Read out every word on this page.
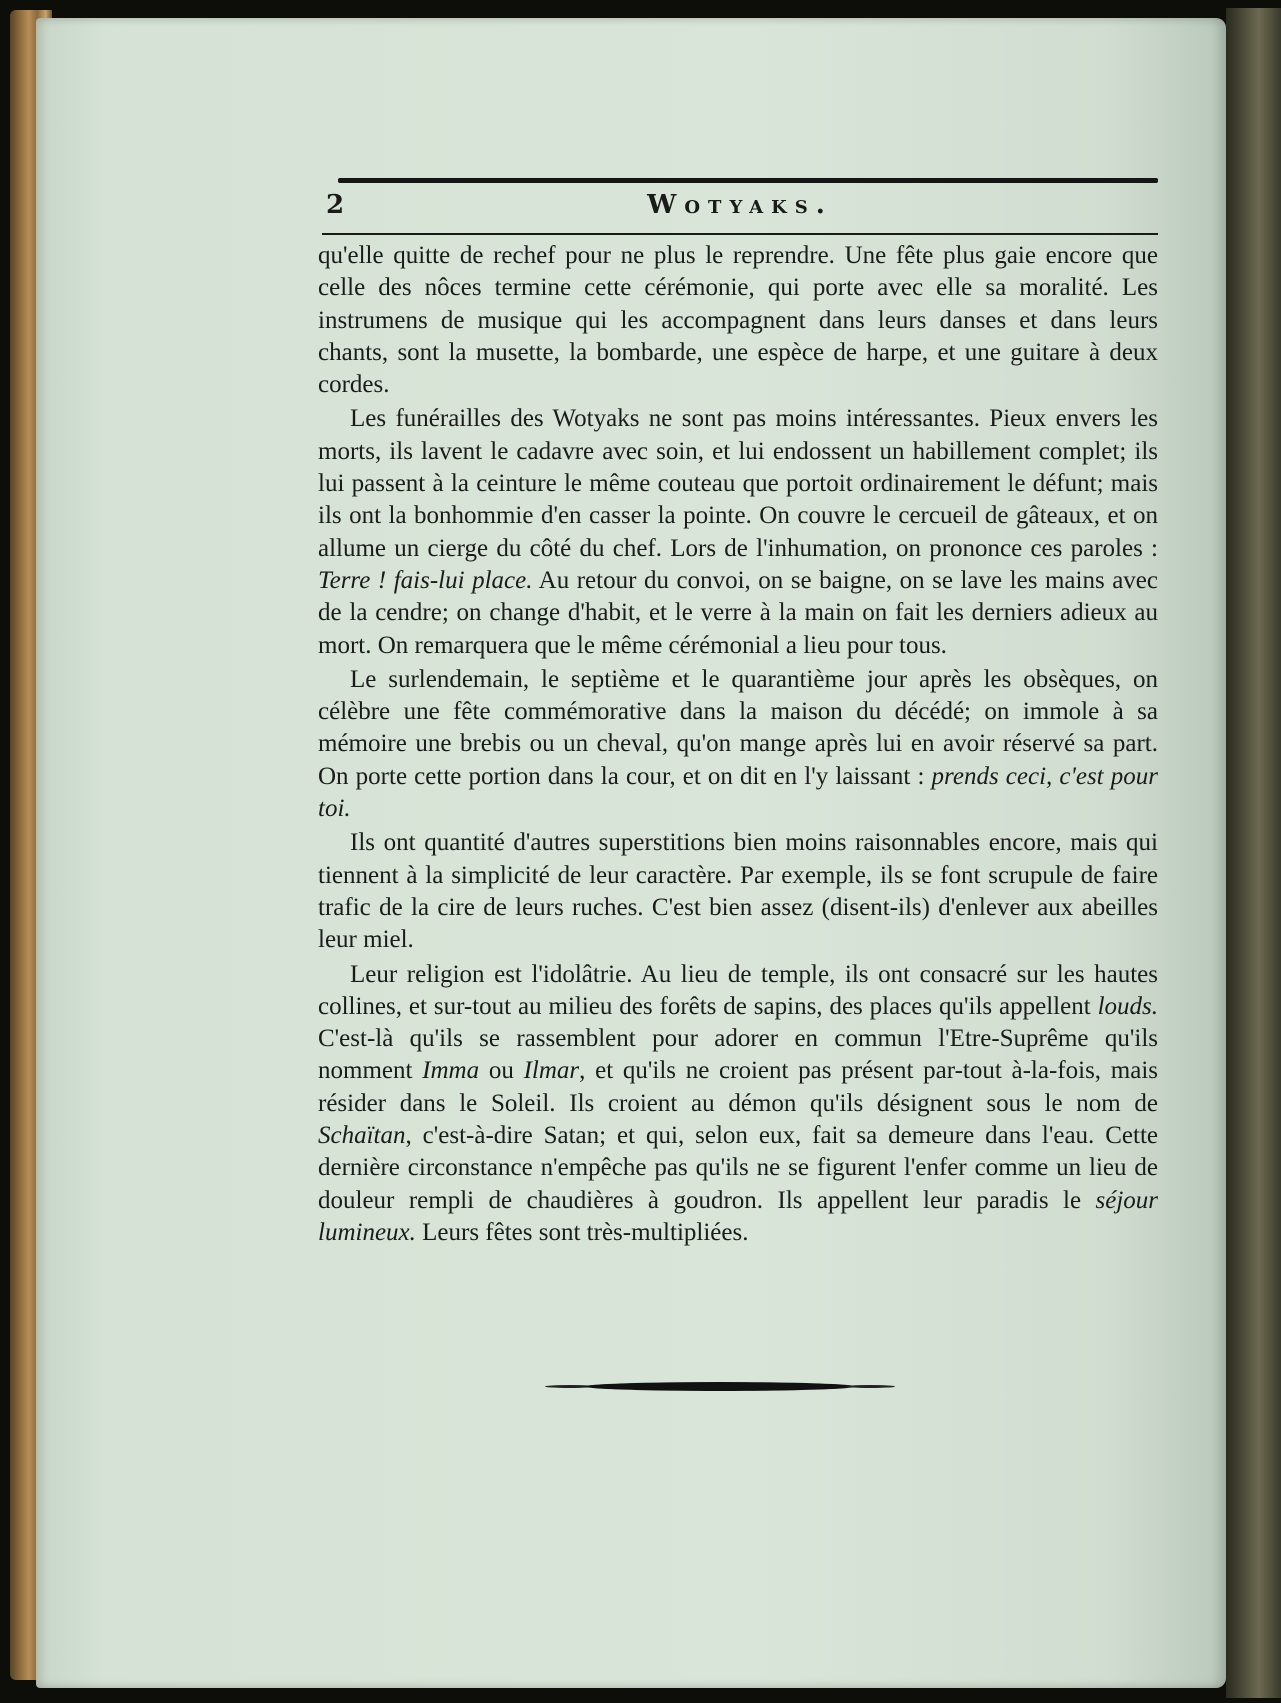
2	Wotyaks.

qu'elle quitte de rechef pour ne plus le reprendre. Une fête plus gaie encore que celle des nôces termine cette cérémonie, qui porte avec elle sa moralité. Les instrumens de musique qui les accompagnent dans leurs danses et dans leurs chants, sont la musette, la bombarde, une espèce de harpe, et une guitare à deux cordes.

Les funérailles des Wotyaks ne sont pas moins intéressantes. Pieux envers les morts, ils lavent le cadavre avec soin, et lui endossent un habillement complet; ils lui passent à la ceinture le même couteau que portoit ordinairement le défunt; mais ils ont la bonhommie d'en casser la pointe. On couvre le cercueil de gâteaux, et on allume un cierge du côté du chef. Lors de l'inhumation, on prononce ces paroles : Terre ! fais-lui place. Au retour du convoi, on se baigne, on se lave les mains avec de la cendre; on change d'habit, et le verre à la main on fait les derniers adieux au mort. On remarquera que le même cérémonial a lieu pour tous.

Le surlendemain, le septième et le quarantième jour après les obsèques, on célèbre une fête commémorative dans la maison du décédé; on immole à sa mémoire une brebis ou un cheval, qu'on mange après lui en avoir réservé sa part. On porte cette portion dans la cour, et on dit en l'y laissant : prends ceci, c'est pour toi.

Ils ont quantité d'autres superstitions bien moins raisonnables encore, mais qui tiennent à la simplicité de leur caractère. Par exemple, ils se font scrupule de faire trafic de la cire de leurs ruches. C'est bien assez (disent-ils) d'enlever aux abeilles leur miel.

Leur religion est l'idolâtrie. Au lieu de temple, ils ont consacré sur les hautes collines, et sur-tout au milieu des forêts de sapins, des places qu'ils appellent louds. C'est-là qu'ils se rassemblent pour adorer en commun l'Etre-Suprême qu'ils nomment Imma ou Ilmar, et qu'ils ne croient pas présent par-tout à-la-fois, mais résider dans le Soleil. Ils croient au démon qu'ils désignent sous le nom de Schaïtan, c'est-à-dire Satan; et qui, selon eux, fait sa demeure dans l'eau. Cette dernière circonstance n'empêche pas qu'ils ne se figurent l'enfer comme un lieu de douleur rempli de chaudières à goudron. Ils appellent leur paradis le séjour lumineux. Leurs fêtes sont très-multipliées.
